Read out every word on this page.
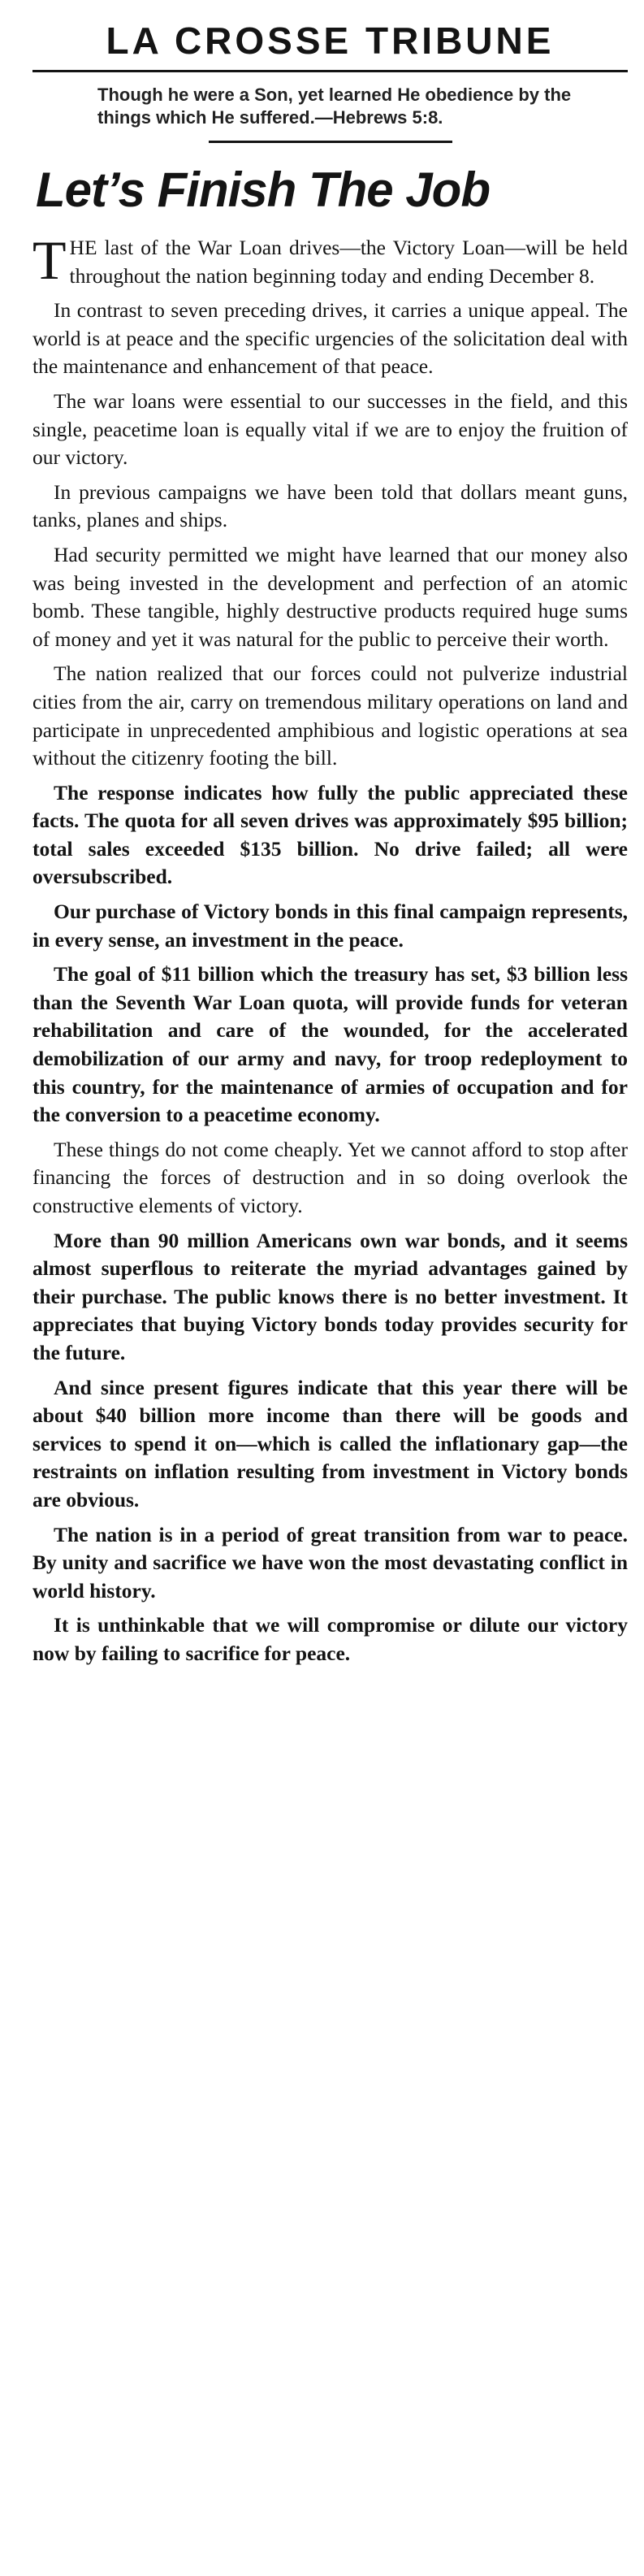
LA CROSSE TRIBUNE
Though he were a Son, yet learned He obedience by the things which He suffered.—Hebrews 5:8.
Let’s Finish The Job

THE last of the War Loan drives—the Victory Loan—will be held throughout the nation beginning today and ending December 8.

In contrast to seven preceding drives, it carries a unique appeal. The world is at peace and the specific urgencies of the solicitation deal with the maintenance and enhancement of that peace.

The war loans were essential to our successes in the field, and this single, peacetime loan is equally vital if we are to enjoy the fruition of our victory.

In previous campaigns we have been told that dollars meant guns, tanks, planes and ships.

Had security permitted we might have learned that our money also was being invested in the development and perfection of an atomic bomb. These tangible, highly destructive products required huge sums of money and yet it was natural for the public to perceive their worth.

The nation realized that our forces could not pulverize industrial cities from the air, carry on tremendous military operations on land and participate in unprecedented amphibious and logistic operations at sea without the citizenry footing the bill.

The response indicates how fully the public appreciated these facts. The quota for all seven drives was approximately $95 billion; total sales exceeded $135 billion. No drive failed; all were oversubscribed.

Our purchase of Victory bonds in this final campaign represents, in every sense, an investment in the peace.

The goal of $11 billion which the treasury has set, $3 billion less than the Seventh War Loan quota, will provide funds for veteran rehabilitation and care of the wounded, for the accelerated demobilization of our army and navy, for troop redeployment to this country, for the maintenance of armies of occupation and for the conversion to a peacetime economy.

These things do not come cheaply. Yet we cannot afford to stop after financing the forces of destruction and in so doing overlook the constructive elements of victory.

More than 90 million Americans own war bonds, and it seems almost superflous to reiterate the myriad advantages gained by their purchase. The public knows there is no better investment. It appreciates that buying Victory bonds today provides security for the future.

And since present figures indicate that this year there will be about $40 billion more income than there will be goods and services to spend it on—which is called the inflationary gap—the restraints on inflation resulting from investment in Victory bonds are obvious.

The nation is in a period of great transition from war to peace. By unity and sacrifice we have won the most devastating conflict in world history.

It is unthinkable that we will compromise or dilute our victory now by failing to sacrifice for peace.
